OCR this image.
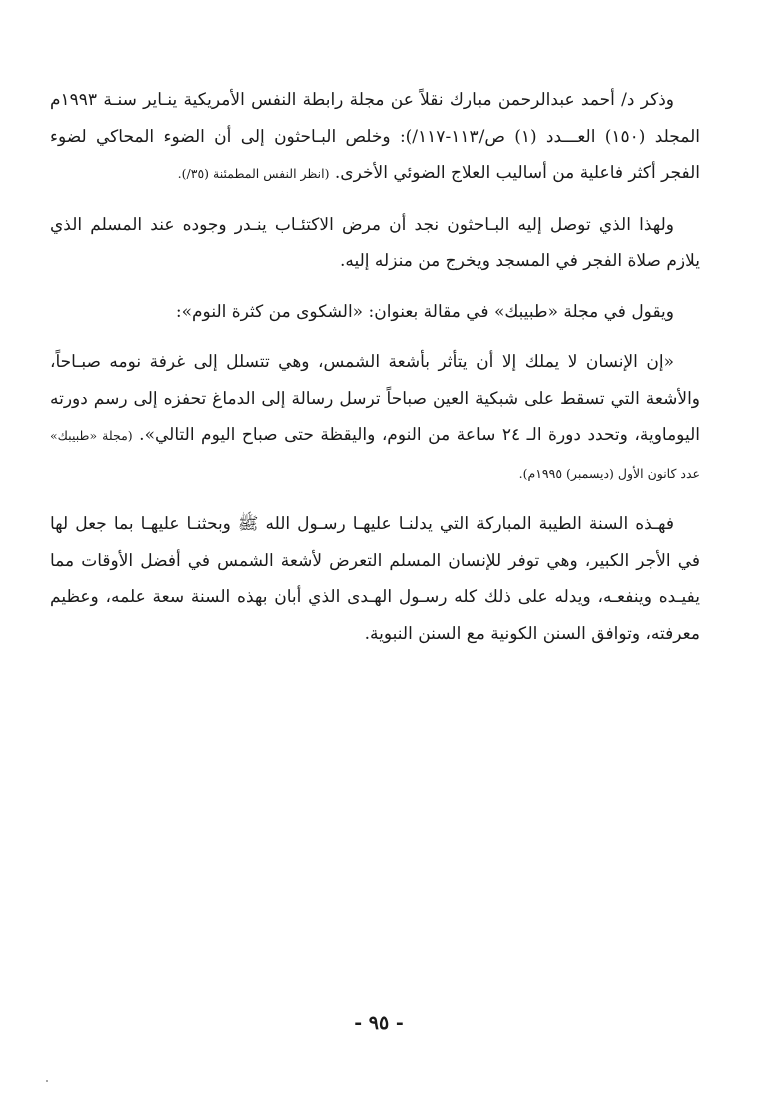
وذكر د/ أحمد عبدالرحمن مبارك نقلاً عن مجلة رابطة النفس الأمريكية ينـاير سنـة ١٩٩٣م المجلد (١٥٠) العـــدد (١) ص/١١٣-١١٧/): وخلص البـاحثون إلى أن الضوء المحاكي لضوء الفجر أكثر فاعلية من أساليب العلاج الضوئي الأخرى. (انظر النفس المطمئنة (٣٥/).

ولهذا الذي توصل إليه البـاحثون نجد أن مرض الاكتئـاب ينـدر وجوده عند المسلم الذي يلازم صلاة الفجر في المسجد ويخرج من منزله إليه.

ويقول في مجلة «طبيبك» في مقالة بعنوان: «الشكوى من كثرة النوم»:

«إن الإنسان لا يملك إلا أن يتأثر بأشعة الشمس، وهي تتسلل إلى غرفة نومه صبـاحاً، والأشعة التي تسقط على شبكية العين صباحاً ترسل رسالة إلى الدماغ تحفزه إلى رسم دورته اليوماوية، وتحدد دورة الـ ٢٤ ساعة من النوم، واليقظة حتى صباح اليوم التالي». (مجلة «طبيبك» عدد كانون الأول (ديسمبر) ١٩٩٥م).

فهـذه السنة الطيبة المباركة التي يدلنـا عليهـا رسـول الله ﷺ وبحثنـا عليهـا بما جعل لها في الأجر الكبير، وهي توفر للإنسان المسلم التعرض لأشعة الشمس في أفضل الأوقات مما يفيـده وينفعـه، ويدله على ذلك كله رسـول الهـدى الذي أبان بهذه السنة سعة علمه، وعظيم معرفته، وتوافق السنن الكونية مع السنن النبوية.

- ٩٥ -
